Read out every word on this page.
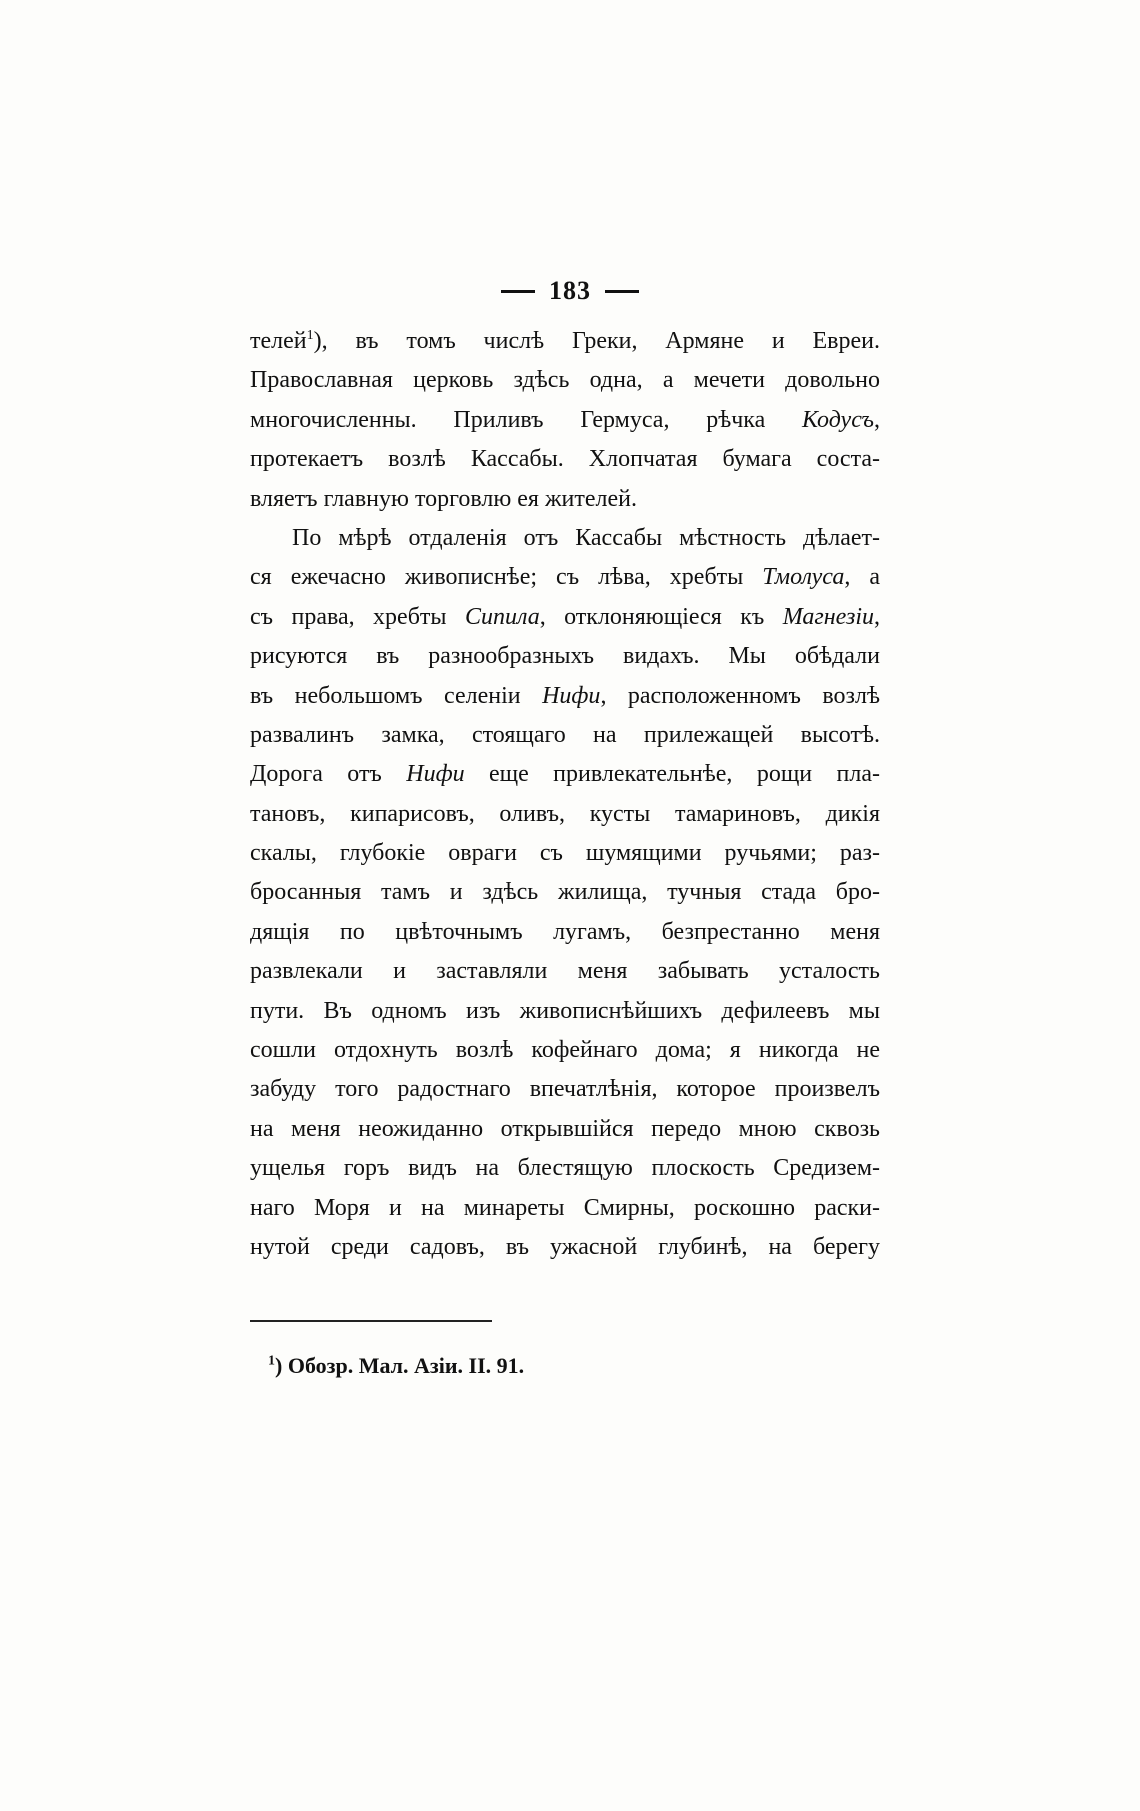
183
телей$^1$), въ томъ числѣ Греки, Армяне и Евреи.
Православная церковь здѣсь одна, а мечети довольно
многочисленны. Приливъ Гермуса, рѣчка Кодусъ,
протекаетъ возлѣ Кассабы. Хлопчатая бумага соста-
вляетъ главную торговлю ея жителей.
По мѣрѣ отдаленія отъ Кассабы мѣстность дѣлает-
ся ежечасно живописнѣе; съ лѣва, хребты Тмолуса, а
съ права, хребты Сипила, отклоняющіеся къ Магнезіи,
рисуются въ разнообразныхъ видахъ. Мы обѣдали
въ небольшомъ селеніи Нифи, расположенномъ возлѣ
развалинъ замка, стоящаго на прилежащей высотѣ.
Дорога отъ Нифи еще привлекательнѣе, рощи пла-
тановъ, кипарисовъ, оливъ, кусты тамариновъ, дикія
скалы, глубокіе овраги съ шумящими ручьями; раз-
бросанныя тамъ и здѣсь жилища, тучныя стада бро-
дящія по цвѣточнымъ лугамъ, безпрестанно меня
развлекали и заставляли меня забывать усталость
пути. Въ одномъ изъ живописнѣйшихъ дефилеевъ мы
сошли отдохнуть возлѣ кофейнаго дома; я никогда не
забуду того радостнаго впечатлѣнія, которое произвелъ
на меня неожиданно открывшійся передо мною сквозь
ущелья горъ видъ на блестящую плоскость Средизем-
наго Моря и на минареты Смирны, роскошно раски-
нутой среди садовъ, въ ужасной глубинѣ, на берегу
$^1$) Обозр. Мал. Азіи. II. 91.
